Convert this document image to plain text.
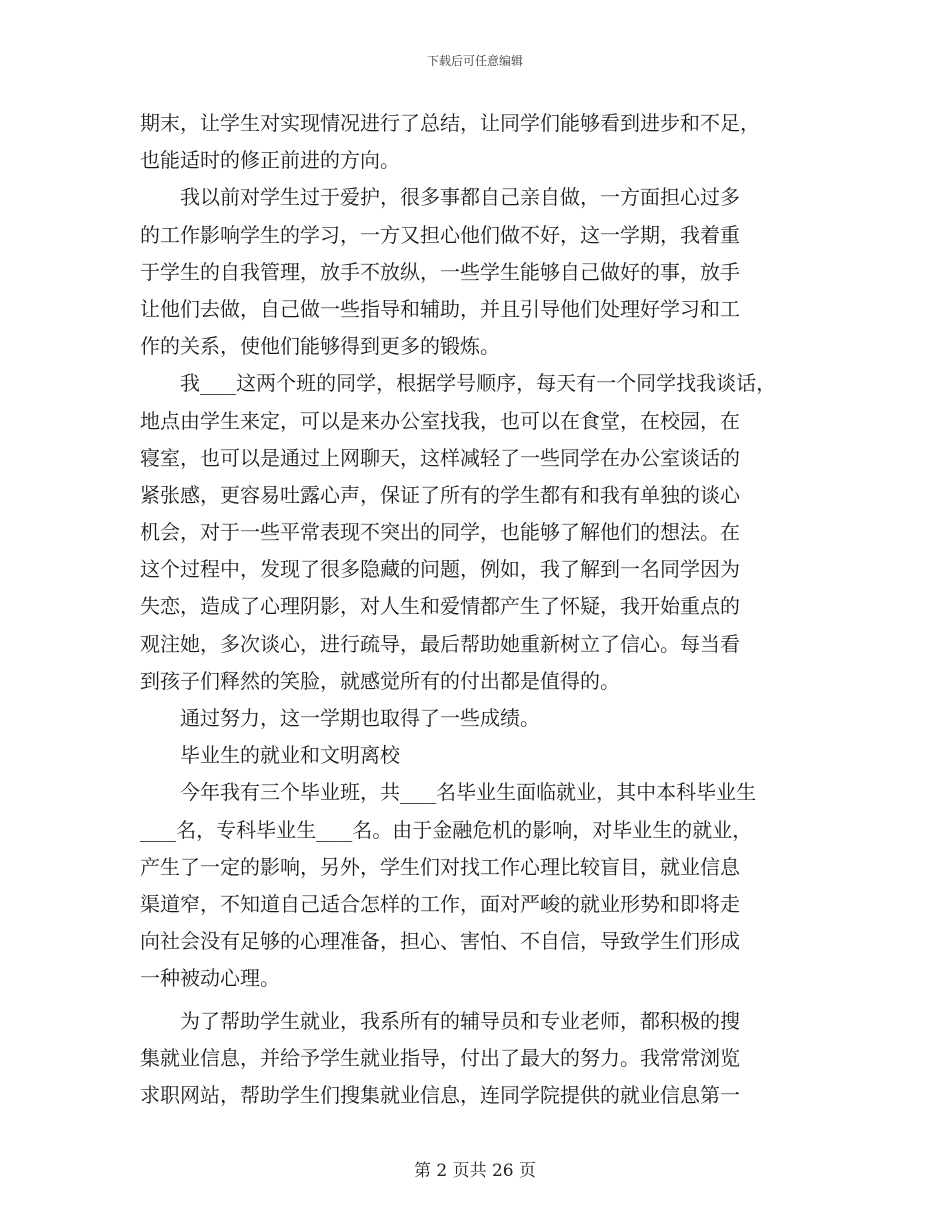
下载后可任意编辑
期末，让学生对实现情况进行了总结，让同学们能够看到进步和不足，
也能适时的修正前进的方向。
　　我以前对学生过于爱护，很多事都自己亲自做，一方面担心过多
的工作影响学生的学习，一方又担心他们做不好，这一学期，我着重
于学生的自我管理，放手不放纵，一些学生能够自己做好的事，放手
让他们去做，自己做一些指导和辅助，并且引导他们处理好学习和工
作的关系，使他们能够得到更多的锻炼。
　　我___这两个班的同学，根据学号顺序，每天有一个同学找我谈话，
地点由学生来定，可以是来办公室找我，也可以在食堂，在校园，在
寝室，也可以是通过上网聊天，这样减轻了一些同学在办公室谈话的
紧张感，更容易吐露心声，保证了所有的学生都有和我有单独的谈心
机会，对于一些平常表现不突出的同学，也能够了解他们的想法。在
这个过程中，发现了很多隐藏的问题，例如，我了解到一名同学因为
失恋，造成了心理阴影，对人生和爱情都产生了怀疑，我开始重点的
观注她，多次谈心，进行疏导，最后帮助她重新树立了信心。每当看
到孩子们释然的笑脸，就感觉所有的付出都是值得的。
　　通过努力，这一学期也取得了一些成绩。
　　毕业生的就业和文明离校
　　今年我有三个毕业班，共___名毕业生面临就业，其中本科毕业生
___名，专科毕业生___名。由于金融危机的影响，对毕业生的就业，
产生了一定的影响，另外，学生们对找工作心理比较盲目，就业信息
渠道窄，不知道自己适合怎样的工作，面对严峻的就业形势和即将走
向社会没有足够的心理准备，担心、害怕、不自信，导致学生们形成
一种被动心理。
　　为了帮助学生就业，我系所有的辅导员和专业老师，都积极的搜
集就业信息，并给予学生就业指导，付出了最大的努力。我常常浏览
求职网站，帮助学生们搜集就业信息，连同学院提供的就业信息第一
第 2 页共 26 页
